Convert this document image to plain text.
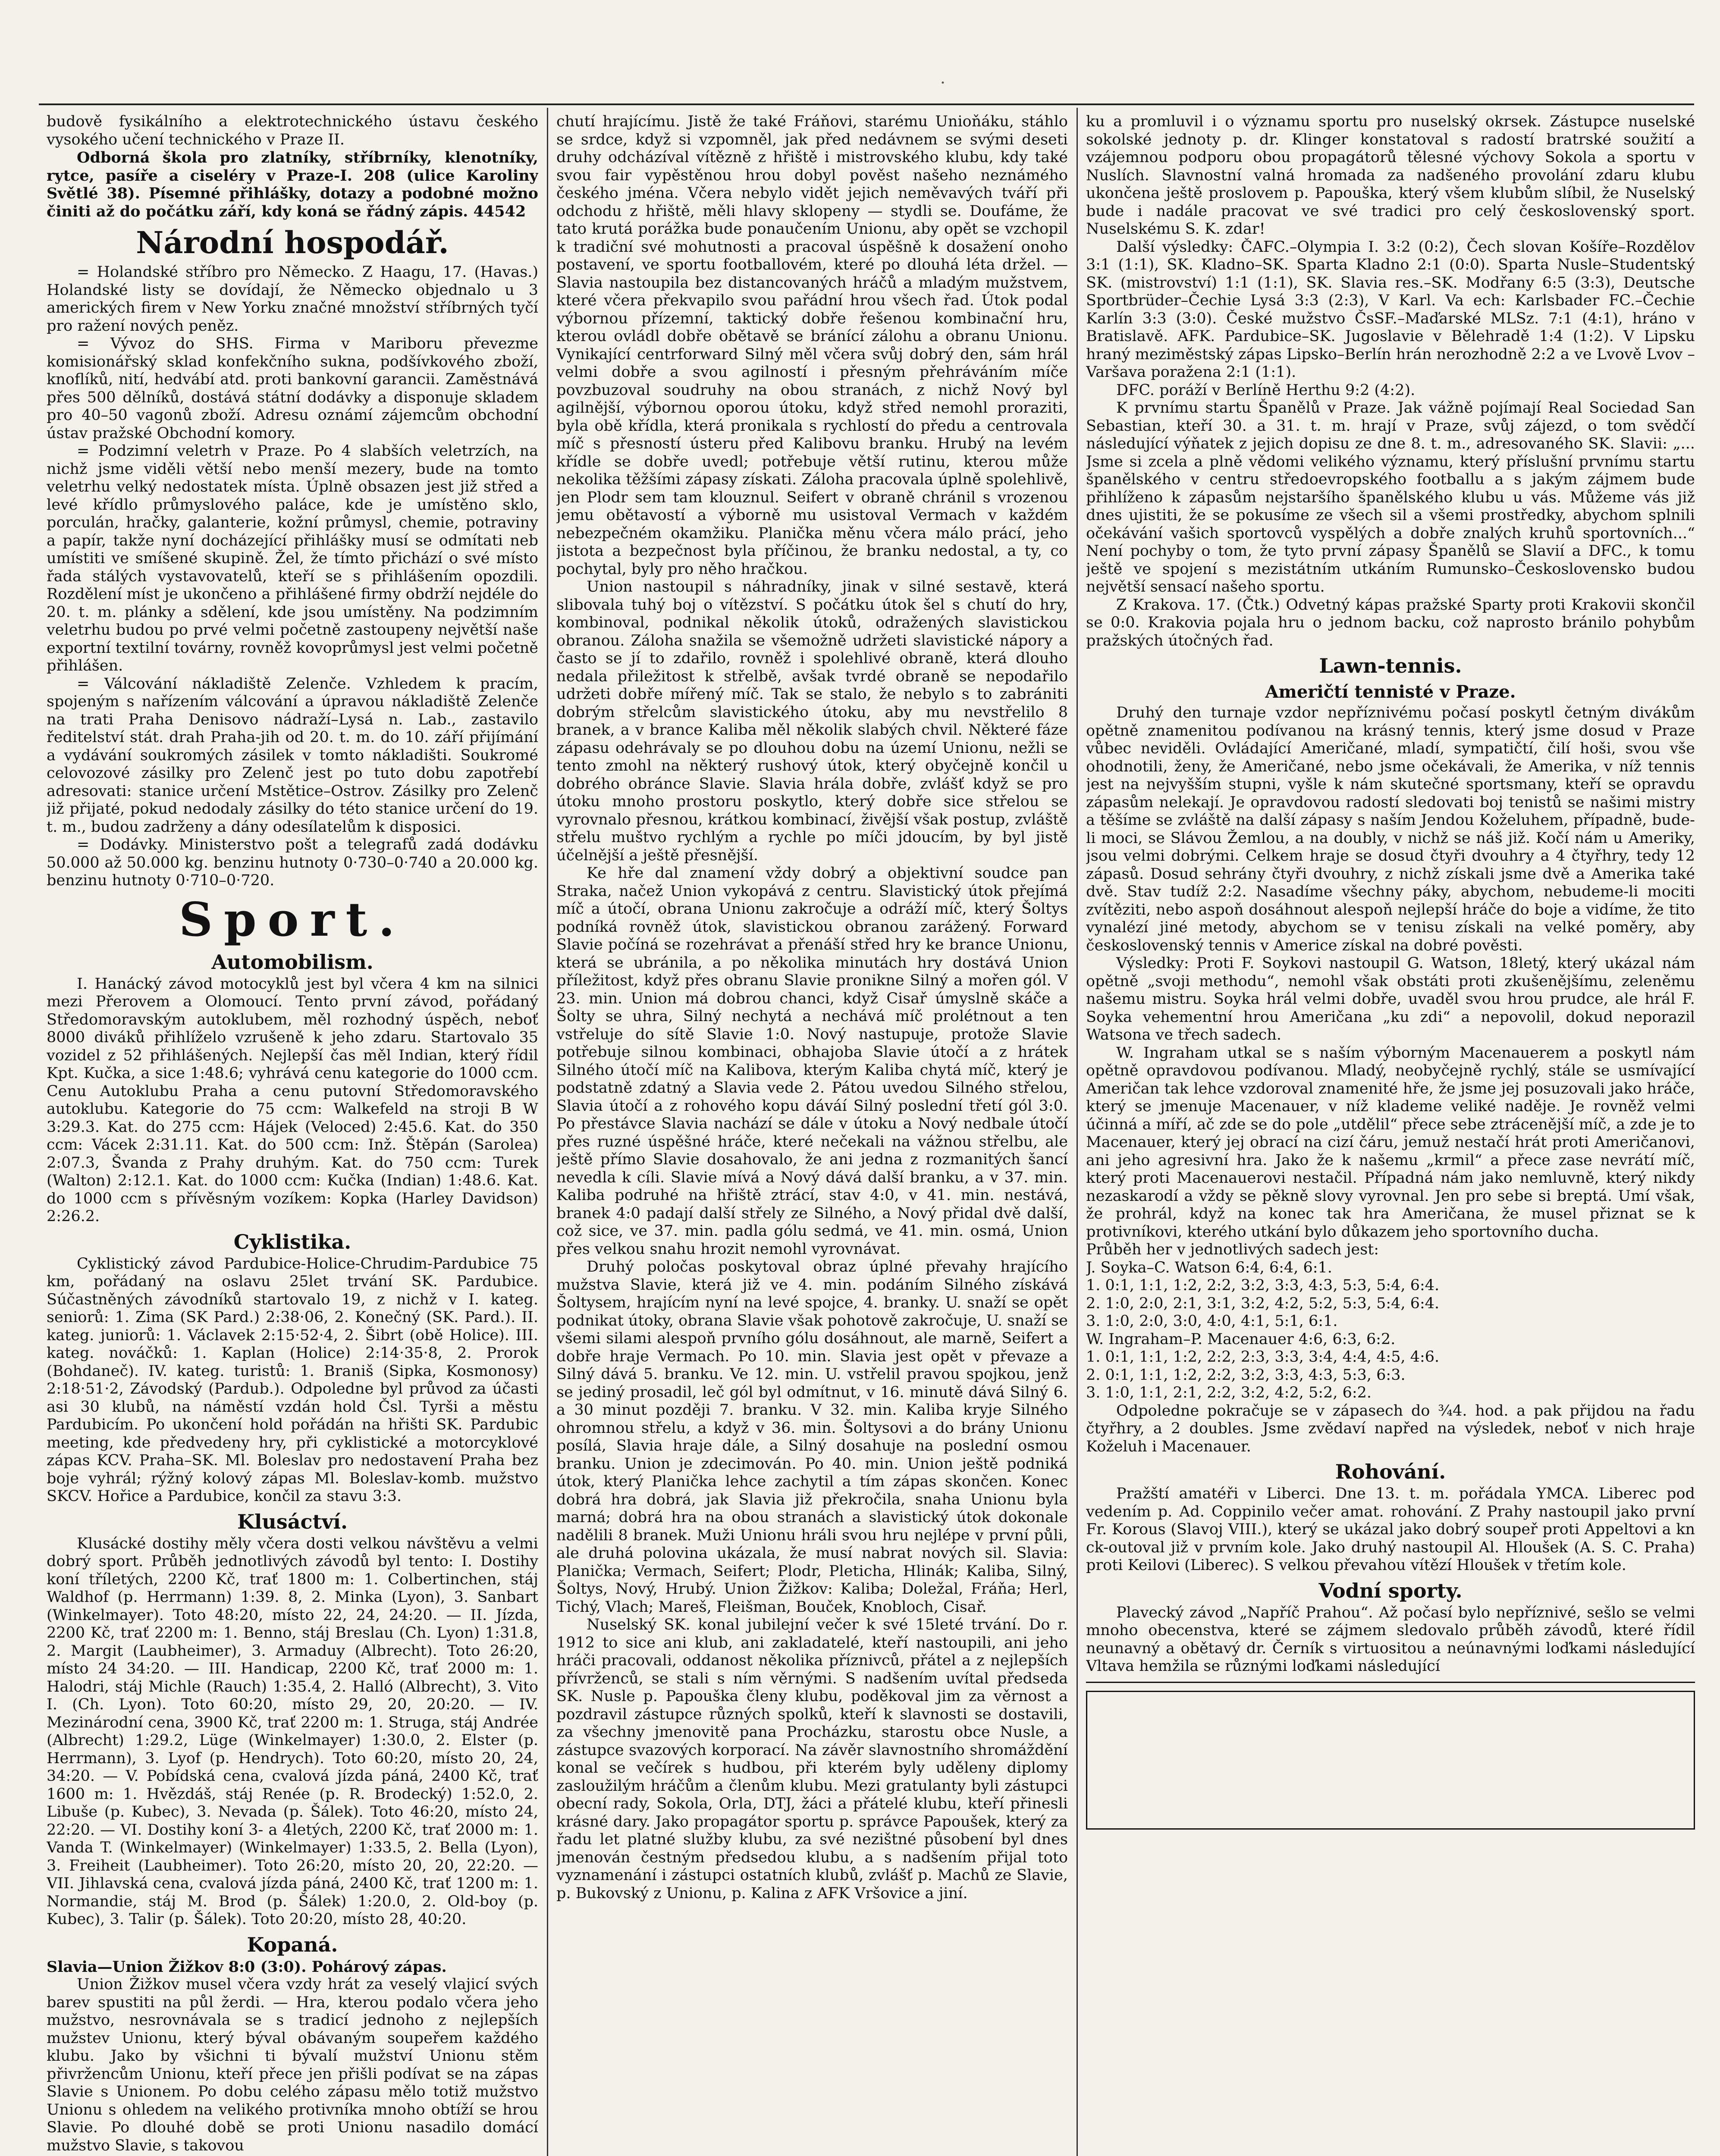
·

budově fysikálního a elektrotechnického ústavu českého vysokého učení technického v Praze II.

Odborná škola pro zlatníky, stříbrníky, klenotníky, rytce, pasíře a ciseléry v Praze-I. 208 (ulice Karoliny Světlé 38). Písemné přihlášky, dotazy a podobné možno činiti až do počátku září, kdy koná se řádný zápis. 44542

Národní hospodář.

= Holandské stříbro pro Německo. Z Haagu, 17. (Havas.) Holandské listy se dovídají, že Německo objednalo u 3 amerických firem v New Yorku značné množství stříbrných tyčí pro ražení nových peněz.

= Vývoz do SHS. Firma v Mariboru převezme komisionářský sklad konfekčního sukna, podšívkového zboží, knoflíků, nití, hedvábí atd. proti bankovní garancii. Zaměstnává přes 500 dělníků, dostává státní dodávky a disponuje skladem pro 40–50 vagonů zboží. Adresu oznámí zájemcům obchodní ústav pražské Obchodní komory.

= Podzimní veletrh v Praze. Po 4 slabších veletrzích, na nichž jsme viděli větší nebo menší mezery, bude na tomto veletrhu velký nedostatek místa. Úplně obsazen jest již střed a levé křídlo průmyslového paláce, kde je umístěno sklo, porculán, hračky, galanterie, kožní průmysl, chemie, potraviny a papír, takže nyní docházející přihlášky musí se odmítati neb umístiti ve smíšené skupině. Žel, že tímto přichází o své místo řada stálých vystavovatelů, kteří se s přihlášením opozdili. Rozdělení míst je ukončeno a přihlášené firmy obdrží nejdéle do 20. t. m. plánky a sdělení, kde jsou umístěny. Na podzimním veletrhu budou po prvé velmi početně zastoupeny největší naše exportní textilní továrny, rovněž kovoprůmysl jest velmi početně přihlášen.

= Válcování nákladiště Zelenče. Vzhledem k pracím, spojeným s nařízením válcování a úpravou nákladiště Zelenče na trati Praha Denisovo nádraží–Lysá n. Lab., zastavilo ředitelství stát. drah Praha-jih od 20. t. m. do 10. září přijímání a vydávání soukromých zásilek v tomto nákladišti. Soukromé celovozové zásilky pro Zelenč jest po tuto dobu zapotřebí adresovati: stanice určení Mstětice–Ostrov. Zásilky pro Zelenč již přijaté, pokud nedodaly zásilky do této stanice určení do 19. t. m., budou zadrženy a dány odesílatelům k disposici.

= Dodávky. Ministerstvo pošt a telegrafů zadá dodávku 50.000 až 50.000 kg. benzinu hutnoty 0·730–0·740 a 20.000 kg. benzinu hutnoty 0·710–0·720.

Sport.
Automobilism.

I. Hanácký závod motocyklů jest byl včera 4 km na silnici mezi Přerovem a Olomoucí. Tento první závod, pořádaný Středomoravským autoklubem, měl rozhodný úspěch, neboť 8000 diváků přihlíželo vzrušeně k jeho zdaru. Startovalo 35 vozidel z 52 přihlášených. Nejlepší čas měl Indian, který řídil Kpt. Kučka, a sice 1:48.6; vyhrává cenu kategorie do 1000 ccm. Cenu Autoklubu Praha a cenu putovní Středomoravského autoklubu. Kategorie do 75 ccm: Walkefeld na stroji B W 3:29.3. Kat. do 275 ccm: Hájek (Veloced) 2:45.6. Kat. do 350 ccm: Vácek 2:31.11. Kat. do 500 ccm: Inž. Štěpán (Sarolea) 2:07.3, Švanda z Prahy druhým. Kat. do 750 ccm: Turek (Walton) 2:12.1. Kat. do 1000 ccm: Kučka (Indian) 1:48.6. Kat. do 1000 ccm s přívěsným vozíkem: Kopka (Harley Davidson) 2:26.2.

Cyklistika.

Cyklistický závod Pardubice-Holice-Chrudim-Pardubice 75 km, pořádaný na oslavu 25let trvání SK. Pardubice. Súčastněných závodníků startovalo 19, z nichž v I. kateg. seniorů: 1. Zima (SK Pard.) 2:38·06, 2. Konečný (SK. Pard.). II. kateg. juniorů: 1. Václavek 2:15·52·4, 2. Šibrt (obě Holice). III. kateg. nováčků: 1. Kaplan (Holice) 2:14·35·8, 2. Prorok (Bohdaneč). IV. kateg. turistů: 1. Braniš (Sipka, Kosmonosy) 2:18·51·2, Závodský (Pardub.). Odpoledne byl průvod za účasti asi 30 klubů, na náměstí vzdán hold Čsl. Tyrši a městu Pardubicím. Po ukončení hold pořádán na hřišti SK. Pardubic meeting, kde předvedeny hry, při cyklistické a motorcyklové zápas KCV. Praha–SK. Ml. Boleslav pro nedostavení Praha bez boje vyhrál; rýžný kolový zápas Ml. Boleslav-komb. mužstvo SKCV. Hořice a Pardubice, končil za stavu 3:3.

Klusáctví.

Klusácké dostihy měly včera dosti velkou návštěvu a velmi dobrý sport. Průběh jednotlivých závodů byl tento: I. Dostihy koní tříletých, 2200 Kč, trať 1800 m: 1. Colbertinchen, stáj Waldhof (p. Herrmann) 1:39. 8, 2. Minka (Lyon), 3. Sanbart (Winkelmayer). Toto 48:20, místo 22, 24, 24:20. — II. Jízda, 2200 Kč, trať 2200 m: 1. Benno, stáj Breslau (Ch. Lyon) 1:31.8, 2. Margit (Laubheimer), 3. Armaduy (Albrecht). Toto 26:20, místo 24 34:20. — III. Handicap, 2200 Kč, trať 2000 m: 1. Halodri, stáj Michle (Rauch) 1:35.4, 2. Halló (Albrecht), 3. Vito I. (Ch. Lyon). Toto 60:20, místo 29, 20, 20:20. — IV. Mezinárodní cena, 3900 Kč, trať 2200 m: 1. Struga, stáj Andrée (Albrecht) 1:29.2, Lüge (Winkelmayer) 1:30.0, 2. Elster (p. Herrmann), 3. Lyof (p. Hendrych). Toto 60:20, místo 20, 24, 34:20. — V. Pobídská cena, cvalová jízda páná, 2400 Kč, trať 1600 m: 1. Hvězdáš, stáj Renée (p. R. Brodecký) 1:52.0, 2. Libuše (p. Kubec), 3. Nevada (p. Šálek). Toto 46:20, místo 24, 22:20. — VI. Dostihy koní 3- a 4letých, 2200 Kč, trať 2000 m: 1. Vanda T. (Winkelmayer) (Winkelmayer) 1:33.5, 2. Bella (Lyon), 3. Freiheit (Laubheimer). Toto 26:20, místo 20, 20, 22:20. — VII. Jihlavská cena, cvalová jízda páná, 2400 Kč, trať 1200 m: 1. Normandie, stáj M. Brod (p. Šálek) 1:20.0, 2. Old-boy (p. Kubec), 3. Talir (p. Šálek). Toto 20:20, místo 28, 40:20.

Kopaná.

Slavia—Union Žižkov 8:0 (3:0). Pohárový zápas.

Union Žižkov musel včera vzdy hrát za veselý vlajicí svých barev spustiti na půl žerdi. — Hra, kterou podalo včera jeho mužstvo, nesrovnávala se s tradicí jednoho z nejlepších mužstev Unionu, který býval obávaným soupeřem každého klubu. Jako by všichni ti bývalí mužství Unionu stěm přivržencům Unionu, kteří přece jen přišli podívat se na zápas Slavie s Unionem. Po dobu celého zápasu mělo totiž mužstvo Unionu s ohledem na velikého protivníka mnoho obtíží se hrou Slavie. Po dlouhé době se proti Unionu nasadilo domácí mužstvo Slavie, s takovou

chutí hrajícímu. Jistě že také Fráňovi, starému Unioňáku, stáhlo se srdce, když si vzpomněl, jak před nedávnem se svými deseti druhy odcházíval vítězně z hřiště i mistrovského klubu, kdy také svou fair vypěstěnou hrou dobyl pověst našeho neznámého českého jména. Včera nebylo vidět jejich neměvavých tváří při odchodu z hřiště, měli hlavy sklopeny — stydli se. Doufáme, že tato krutá porážka bude ponaučením Unionu, aby opět se vzchopil k tradiční své mohutnosti a pracoval úspěšně k dosažení onoho postavení, ve sportu footballovém, které po dlouhá léta držel. — Slavia nastoupila bez distancovaných hráčů a mladým mužstvem, které včera překvapilo svou pařádní hrou všech řad. Útok podal výbornou přízemní, taktický dobře řešenou kombinační hru, kterou ovládl dobře obětavě se bránící zálohu a obranu Unionu. Vynikající centrforward Silný měl včera svůj dobrý den, sám hrál velmi dobře a svou agilností i přesným přehráváním míče povzbuzoval soudruhy na obou stranách, z nichž Nový byl agilnější, výbornou oporou útoku, když střed nemohl proraziti, byla obě křídla, která pronikala s rychlostí do předu a centrovala míč s přesností ústeru před Kalibovu branku. Hrubý na levém křídle se dobře uvedl; potřebuje větší rutinu, kterou může nekolika těžšími zápasy získati. Záloha pracovala úplně spolehlivě, jen Plodr sem tam klouznul. Seifert v obraně chránil s vrozenou jemu obětavostí a výborně mu usistoval Vermach v každém nebezpečném okamžiku. Planička měnu včera málo prácí, jeho jistota a bezpečnost byla příčinou, že branku nedostal, a ty, co pochytal, byly pro něho hračkou.

Union nastoupil s náhradníky, jinak v silné sestavě, která slibovala tuhý boj o vítězství. S počátku útok šel s chutí do hry, kombinoval, podnikal několik útoků, odražených slavistickou obranou. Záloha snažila se všemožně udržeti slavistické nápory a často se jí to zdařilo, rovněž i spolehlivé obraně, která dlouho nedala přiležitost k střelbě, avšak tvrdé obraně se nepodařilo udržeti dobře mířený míč. Tak se stalo, že nebylo s to zabrániti dobrým střelcům slavistického útoku, aby mu nevstřelilo 8 branek, a v brance Kaliba měl několik slabých chvil. Některé fáze zápasu odehrávaly se po dlouhou dobu na území Unionu, nežli se tento zmohl na některý rushový útok, který obyčejně končil u dobrého obránce Slavie. Slavia hrála dobře, zvlášť když se pro útoku mnoho prostoru poskytlo, který dobře sice střelou se vyrovnalo přesnou, krátkou kombinací, živější však postup, zvláště střelu muštvo rychlým a rychle po míči jdoucím, by byl jistě účelnější a ještě přesnější.

Ke hře dal znamení vždy dobrý a objektivní soudce pan Straka, načež Union vykopává z centru. Slavistický útok přejímá míč a útočí, obrana Unionu zakročuje a odráží míč, který Šoltys podníká rovněž útok, slavistickou obranou zarážený. Forward Slavie počíná se rozehrávat a přenáší střed hry ke brance Unionu, která se ubránila, a po několika minutách hry dostává Union příležitost, když přes obranu Slavie pronikne Silný a mořen gól. V 23. min. Union má dobrou chanci, když Cisař úmyslně skáče a Šolty se uhra, Silný nechytá a nechává míč prolétnout a ten vstřeluje do sítě Slavie 1:0. Nový nastupuje, protože Slavie potřebuje silnou kombinaci, obhajoba Slavie útočí a z hrátek Silného útočí míč na Kalibova, kterým Kaliba chytá míč, který je podstatně zdatný a Slavia vede 2. Pátou uvedou Silného střelou, Slavia útočí a z rohového kopu dáváí Silný poslední třetí gól 3:0. Po přestávce Slavia nachází se dále v útoku a Nový nedbale útočí přes ruzné úspěšné hráče, které nečekali na vážnou střelbu, ale ještě přímo Slavie dosahovalo, že ani jedna z rozmanitých šancí nevedla k cíli. Slavie mívá a Nový dává další branku, a v 37. min. Kaliba podruhé na hřiště ztrácí, stav 4:0, v 41. min. nestává, branek 4:0 padají další střely ze Silného, a Nový přidal dvě další, což sice, ve 37. min. padla gólu sedmá, ve 41. min. osmá, Union přes velkou snahu hrozit nemohl vyrovnávat.

Druhý poločas poskytoval obraz úplné převahy hrajícího mužstva Slavie, která již ve 4. min. podáním Silného získává Šoltysem, hrajícím nyní na levé spojce, 4. branky. U. snaží se opět podnikat útoky, obrana Slavie však pohotově zakročuje, U. snaží se všemi silami alespoň prvního gólu dosáhnout, ale marně, Seifert a dobře hraje Vermach. Po 10. min. Slavia jest opět v převaze a Silný dává 5. branku. Ve 12. min. U. vstřelil pravou spojkou, jenž se jediný prosadil, leč gól byl odmítnut, v 16. minutě dává Silný 6. a 30 minut později 7. branku. V 32. min. Kaliba kryje Silného ohromnou střelu, a když v 36. min. Šoltysovi a do brány Unionu posílá, Slavia hraje dále, a Silný dosahuje na poslední osmou branku. Union je zdecimován. Po 40. min. Union ještě podniká útok, který Planička lehce zachytil a tím zápas skončen. Konec dobrá hra dobrá, jak Slavia již překročila, snaha Unionu byla marná; dobrá hra na obou stranách a slavistický útok dokonale nadělili 8 branek. Muži Unionu hráli svou hru nejlépe v první půli, ale druhá polovina ukázala, že musí nabrat nových sil. Slavia: Planička; Vermach, Seifert; Plodr, Pleticha, Hlinák; Kaliba, Silný, Šoltys, Nový, Hrubý. Union Žižkov: Kaliba; Doležal, Fráňa; Herl, Tichý, Vlach; Mareš, Fleišman, Bouček, Knobloch, Cisař.

Nuselský SK. konal jubilejní večer k své 15leté trvání. Do r. 1912 to sice ani klub, ani zakladatelé, kteří nastoupili, ani jeho hráči pracovali, oddanost několika příznivců, přátel a z nejlepších přívrženců, se stali s ním věrnými. S nadšením uvítal předseda SK. Nusle p. Papouška členy klubu, poděkoval jim za věrnost a pozdravil zástupce různých spolků, kteří k slavnosti se dostavili, za všechny jmenovitě pana Procházku, starostu obce Nusle, a zástupce svazových korporací. Na závěr slavnostního shromáždění konal se večírek s hudbou, při kterém byly uděleny diplomy zasloužilým hráčům a členům klubu. Mezi gratulanty byli zástupci obecní rady, Sokola, Orla, DTJ, žáci a přátelé klubu, kteří přinesli krásné dary. Jako propagátor sportu p. správce Papoušek, který za řadu let platné služby klubu, za své nezištné působení byl dnes jmenován čestným předsedou klubu, a s nadšením přijal toto vyznamenání i zástupci ostatních klubů, zvlášť p. Machů ze Slavie, p. Bukovský z Unionu, p. Kalina z AFK Vršovice a jiní.

ku a promluvil i o významu sportu pro nuselský okrsek. Zástupce nuselské sokolské jednoty p. dr. Klinger konstatoval s radostí bratrské soužití a vzájemnou podporu obou propagátorů tělesné výchovy Sokola a sportu v Nuslích. Slavnostní valná hromada za nadšeného provolání zdaru klubu ukončena ještě proslovem p. Papouška, který všem klubům slíbil, že Nuselský bude i nadále pracovat ve své tradici pro celý československý sport. Nuselskému S. K. zdar!

Další výsledky: ČAFC.–Olympia I. 3:2 (0:2), Čech slovan Košíře–Rozdělov 3:1 (1:1), SK. Kladno–SK. Sparta Kladno 2:1 (0:0). Sparta Nusle–Studentský SK. (mistrovství) 1:1 (1:1), SK. Slavia res.–SK. Modřany 6:5 (3:3), Deutsche Sportbrüder–Čechie Lysá 3:3 (2:3), V Karl. Va ech: Karlsbader FC.–Čechie Karlín 3:3 (3:0). České mužstvo ČsSF.–Maďarské MLSz. 7:1 (4:1), hráno v Bratislavě. AFK. Pardubice–SK. Jugoslavie v Bělehradě 1:4 (1:2). V Lipsku hraný meziměstský zápas Lipsko–Berlín hrán nerozhodně 2:2 a ve Lvově Lvov – Varšava poražena 2:1 (1:1).

DFC. poráží v Berlíně Herthu 9:2 (4:2).

K prvnímu startu Španělů v Praze. Jak vážně pojímají Real Sociedad San Sebastian, kteří 30. a 31. t. m. hrají v Praze, svůj zájezd, o tom svědčí následující výňatek z jejich dopisu ze dne 8. t. m., adresovaného SK. Slavii: „... Jsme si zcela a plně vědomi velikého významu, který příslušní prvnímu startu španělského v centru středoevropského footballu a s jakým zájmem bude přihlíženo k zápasům nejstaršího španělského klubu u vás. Můžeme vás již dnes ujistiti, že se pokusíme ze všech sil a všemi prostředky, abychom splnili očekávání vašich sportovců vyspělých a dobře znalých kruhů sportovních...“ Není pochyby o tom, že tyto první zápasy Španělů se Slavií a DFC., k tomu ještě ve spojení s mezistátním utkáním Rumunsko–Československo budou největší sensací našeho sportu.

Z Krakova. 17. (Čtk.) Odvetný kápas pražské Sparty proti Krakovii skončil se 0:0. Krakovia pojala hru o jednom backu, což naprosto bránilo pohybům pražských útočných řad.

Lawn-tennis.
Američtí tennisté v Praze.

Druhý den turnaje vzdor nepříznivému počasí poskytl četným divákům opětně znamenitou podívanou na krásný tennis, který jsme dosud v Praze vůbec neviděli. Ovládající Američané, mladí, sympatičtí, čilí hoši, svou vše ohodnotili, ženy, že Američané, nebo jsme očekávali, že Amerika, v níž tennis jest na nejvyšším stupni, vyšle k nám skutečné sportsmany, kteří se opravdu zápasům nelekají. Je opravdovou radostí sledovati boj tenistů se našimi mistry a těšíme se zvláště na další zápasy s naším Jendou Koželuhem, případně, bude-li moci, se Slávou Žemlou, a na doubly, v nichž se náš již. Kočí nám u Ameriky, jsou velmi dobrými. Celkem hraje se dosud čtyři dvouhry a 4 čtyřhry, tedy 12 zápasů. Dosud sehrány čtyři dvouhry, z nichž získali jsme dvě a Amerika také dvě. Stav tudíž 2:2. Nasadíme všechny páky, abychom, nebudeme-li mociti zvítěziti, nebo aspoň dosáhnout alespoň nejlepší hráče do boje a vidíme, že tito vynalézí jiné metody, abychom se v tenisu získali na velké poměry, aby československý tennis v Americe získal na dobré pověsti.

Výsledky: Proti F. Soykovi nastoupil G. Watson, 18letý, který ukázal nám opětně „svoji methodu“, nemohl však obstáti proti zkušenějšímu, zeleněmu našemu mistru. Soyka hrál velmi dobře, uvaděl svou hrou prudce, ale hrál F. Soyka vehementní hrou Američana „ku zdi“ a nepovolil, dokud neporazil Watsona ve třech sadech.

W. Ingraham utkal se s naším výborným Macenauerem a poskytl nám opětně opravdovou podívanou. Mladý, neobyčejně rychlý, stále se usmívající Američan tak lehce vzdoroval znamenité hře, že jsme jej posuzovali jako hráče, který se jmenuje Macenauer, v níž klademe veliké naděje. Je rovněž velmi účinná a míří, ač zde se do pole „utdělil“ přece sebe ztrácenější míč, a zde je to Macenauer, který jej obrací na cizí čáru, jemuž nestačí hrát proti Američanovi, ani jeho agresivní hra. Jako že k našemu „krmil“ a přece zase nevrátí míč, který proti Macenauerovi nestačil. Případná nám jako nemluvně, který nikdy nezaskarodí a vždy se pěkně slovy vyrovnal. Jen pro sebe si breptá. Umí však, že prohrál, když na konec tak hra Američana, že musel přiznat se k protivníkovi, kterého utkání bylo důkazem jeho sportovního ducha.

Průběh her v jednotlivých sadech jest:

J. Soyka–C. Watson 6:4, 6:4, 6:1.

1. 0:1, 1:1, 1:2, 2:2, 3:2, 3:3, 4:3, 5:3, 5:4, 6:4.

2. 1:0, 2:0, 2:1, 3:1, 3:2, 4:2, 5:2, 5:3, 5:4, 6:4.

3. 1:0, 2:0, 3:0, 4:0, 4:1, 5:1, 6:1.

W. Ingraham–P. Macenauer 4:6, 6:3, 6:2.

1. 0:1, 1:1, 1:2, 2:2, 2:3, 3:3, 3:4, 4:4, 4:5, 4:6.

2. 0:1, 1:1, 1:2, 2:2, 3:2, 3:3, 4:3, 5:3, 6:3.

3. 1:0, 1:1, 2:1, 2:2, 3:2, 4:2, 5:2, 6:2.

Odpoledne pokračuje se v zápasech do ¾4. hod. a pak přijdou na řadu čtyřhry, a 2 doubles. Jsme zvědaví napřed na výsledek, neboť v nich hraje Koželuh i Macenauer.

Rohování.

Pražští amatéři v Liberci. Dne 13. t. m. pořádala YMCA. Liberec pod vedením p. Ad. Coppinilo večer amat. rohování. Z Prahy nastoupil jako první Fr. Korous (Slavoj VIII.), který se ukázal jako dobrý soupeř proti Appeltovi a kn ck-outoval již v prvním kole. Jako druhý nastoupil Al. Hloušek (A. S. C. Praha) proti Keilovi (Liberec). S velkou převahou vítězí Hloušek v třetím kole.

Vodní sporty.

Plavecký závod „Napříč Prahou“. Až počasí bylo nepříznivé, sešlo se velmi mnoho obecenstva, které se zájmem sledovalo průběh závodů, které řídil neunavný a obětavý dr. Černík s virtuositou a neúnavnými loďkami následující Vltava hemžila se různými loďkami následující
